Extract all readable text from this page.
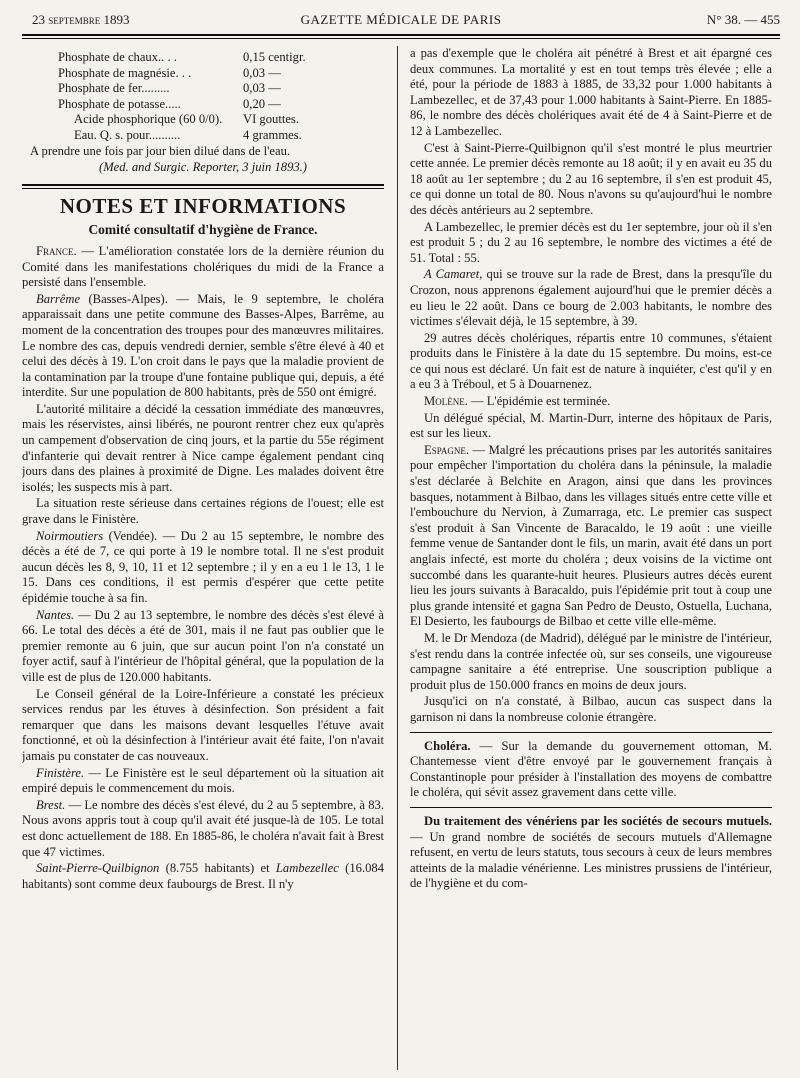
23 septembre 1893	GAZETTE MÉDICALE DE PARIS	N° 38. — 455
Phosphate de chaux.. . .	0,15 centigr.
Phosphate de magnésie. . .	0,03 —
Phosphate de fer.........	0,03 —
Phosphate de potasse.....	0,20 —
Acide phosphorique (60 0/0).	VI gouttes.
Eau. Q. s. pour..........	4 grammes.

A prendre une fois par jour bien dilué dans de l'eau.

(Med. and Surgic. Reporter, 3 juin 1893.)

NOTES ET INFORMATIONS
Comité consultatif d'hygiène de France.

France. — L'amélioration constatée lors de la dernière réunion du Comité dans les manifestations cholériques du midi de la France a persisté dans l'ensemble.

Barrême (Basses-Alpes). — Mais, le 9 septembre, le choléra apparaissait dans une petite commune des Basses-Alpes, Barrême, au moment de la concentration des troupes pour des manœuvres militaires. Le nombre des cas, depuis vendredi dernier, semble s'être élevé à 40 et celui des décès à 19. L'on croit dans le pays que la maladie provient de la contamination par la troupe d'une fontaine publique qui, depuis, a été interdite. Sur une population de 800 habitants, près de 550 ont émigré.

L'autorité militaire a décidé la cessation immédiate des manœuvres, mais les réservistes, ainsi libérés, ne pouront rentrer chez eux qu'après un campement d'observation de cinq jours, et la partie du 55e régiment d'infanterie qui devait rentrer à Nice campe également pendant cinq jours dans des plaines à proximité de Digne. Les malades doivent être isolés; les suspects mis à part.

La situation reste sérieuse dans certaines régions de l'ouest; elle est grave dans le Finistère.

Noirmoutiers (Vendée). — Du 2 au 15 septembre, le nombre des décès a été de 7, ce qui porte à 19 le nombre total. Il ne s'est produit aucun décès les 8, 9, 10, 11 et 12 septembre ; il y en a eu 1 le 13, 1 le 15. Dans ces conditions, il est permis d'espérer que cette petite épidémie touche à sa fin.

Nantes. — Du 2 au 13 septembre, le nombre des décès s'est élevé à 66. Le total des décès a été de 301, mais il ne faut pas oublier que le premier remonte au 6 juin, que sur aucun point l'on n'a constaté un foyer actif, sauf à l'intérieur de l'hôpital général, que la population de la ville est de plus de 120.000 habitants.

Le Conseil général de la Loire-Inférieure a constaté les précieux services rendus par les étuves à désinfection. Son président a fait remarquer que dans les maisons devant lesquelles l'étuve avait fonctionné, et où la désinfection à l'intérieur avait été faite, l'on n'avait jamais pu constater de cas nouveaux.

Finistère. — Le Finistère est le seul département où la situation ait empiré depuis le commencement du mois.

Brest. — Le nombre des décès s'est élevé, du 2 au 5 septembre, à 83. Nous avons appris tout à coup qu'il avait été jusque-là de 105. Le total est donc actuellement de 188. En 1885-86, le choléra n'avait fait à Brest que 47 victimes.

Saint-Pierre-Quilbignon (8.755 habitants) et Lambezellec (16.084 habitants) sont comme deux faubourgs de Brest. Il n'y

a pas d'exemple que le choléra ait pénétré à Brest et ait épargné ces deux communes. La mortalité y est en tout temps très élevée ; elle a été, pour la période de 1883 à 1885, de 33,32 pour 1.000 habitants à Lambezellec, et de 37,43 pour 1.000 habitants à Saint-Pierre. En 1885-86, le nombre des décès cholériques avait été de 4 à Saint-Pierre et de 12 à Lambezellec.

C'est à Saint-Pierre-Quilbignon qu'il s'est montré le plus meurtrier cette année. Le premier décès remonte au 18 août; il y en avait eu 35 du 18 août au 1er septembre ; du 2 au 16 septembre, il s'en est produit 45, ce qui donne un total de 80. Nous n'avons su qu'aujourd'hui le nombre des décès antérieurs au 2 septembre.

A Lambezellec, le premier décès est du 1er septembre, jour où il s'en est produit 5 ; du 2 au 16 septembre, le nombre des victimes a été de 51. Total : 55.

A Camaret, qui se trouve sur la rade de Brest, dans la presqu'île du Crozon, nous apprenons également aujourd'hui que le premier décès a eu lieu le 22 août. Dans ce bourg de 2.003 habitants, le nombre des victimes s'élevait déjà, le 15 septembre, à 39.

29 autres décès cholériques, répartis entre 10 communes, s'étaient produits dans le Finistère à la date du 15 septembre. Du moins, est-ce ce qui nous est déclaré. Un fait est de nature à inquiéter, c'est qu'il y en a eu 3 à Tréboul, et 5 à Douarnenez.

Molène. — L'épidémie est terminée.

Un délégué spécial, M. Martin-Durr, interne des hôpitaux de Paris, est sur les lieux.

Espagne. — Malgré les précautions prises par les autorités sanitaires pour empêcher l'importation du choléra dans la péninsule, la maladie s'est déclarée à Belchite en Aragon, ainsi que dans les provinces basques, notamment à Bilbao, dans les villages situés entre cette ville et l'embouchure du Nervion, à Zumarraga, etc. Le premier cas suspect s'est produit à San Vincente de Baracaldo, le 19 août : une vieille femme venue de Santander dont le fils, un marin, avait été dans un port anglais infecté, est morte du choléra ; deux voisins de la victime ont succombé dans les quarante-huit heures. Plusieurs autres décès eurent lieu les jours suivants à Baracaldo, puis l'épidémie prit tout à coup une plus grande intensité et gagna San Pedro de Deusto, Ostuella, Luchana, El Desierto, les faubourgs de Bilbao et cette ville elle-même.

M. le Dr Mendoza (de Madrid), délégué par le ministre de l'intérieur, s'est rendu dans la contrée infectée où, sur ses conseils, une vigoureuse campagne sanitaire a été entreprise. Une souscription publique a produit plus de 150.000 francs en moins de deux jours.

Jusqu'ici on n'a constaté, à Bilbao, aucun cas suspect dans la garnison ni dans la nombreuse colonie étrangère.

Choléra. — Sur la demande du gouvernement ottoman, M. Chantemesse vient d'être envoyé par le gouvernement français à Constantinople pour présider à l'installation des moyens de combattre le choléra, qui sévit assez gravement dans cette ville.

Du traitement des vénériens par les sociétés de secours mutuels. — Un grand nombre de sociétés de secours mutuels d'Allemagne refusent, en vertu de leurs statuts, tous secours à ceux de leurs membres atteints de la maladie vénérienne. Les ministres prussiens de l'intérieur, de l'hygiène et du com-
